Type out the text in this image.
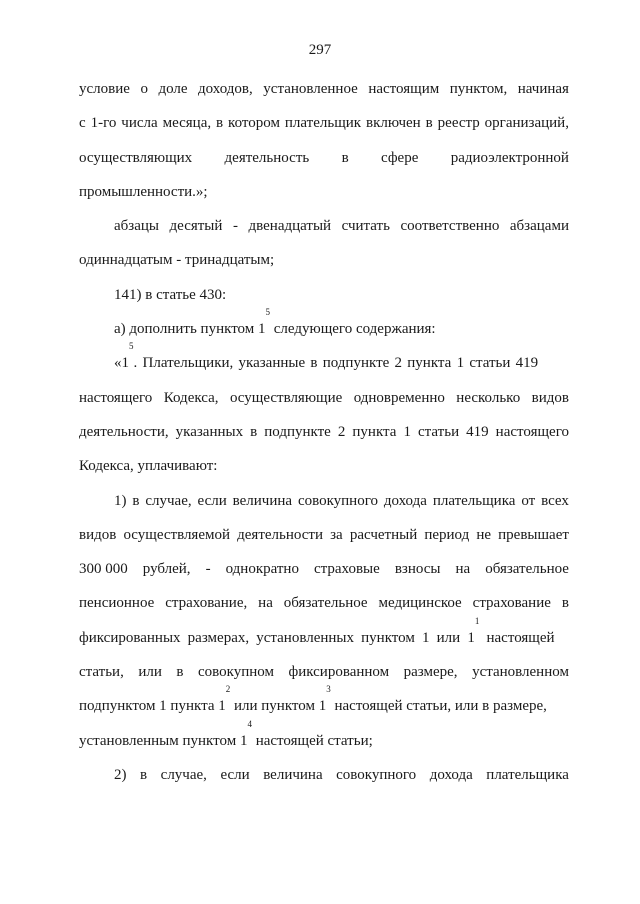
297
условие о доле доходов, установленное настоящим пунктом, начиная
с 1-го числа месяца, в котором плательщик включен в реестр организаций,
осуществляющих деятельность в сфере радиоэлектронной
промышленности.»;
абзацы десятый - двенадцатый считать соответственно абзацами
одиннадцатым - тринадцатым;
141) в статье 430:
а) дополнить пунктом $1^5$ следующего содержания:
«$1^5$. Плательщики, указанные в подпункте 2 пункта 1 статьи 419
настоящего Кодекса, осуществляющие одновременно несколько видов
деятельности, указанных в подпункте 2 пункта 1 статьи 419 настоящего
Кодекса, уплачивают:
1) в случае, если величина совокупного дохода плательщика от всех
видов осуществляемой деятельности за расчетный период не превышает
300 000 рублей, - однократно страховые взносы на обязательное
пенсионное страхование, на обязательное медицинское страхование в
фиксированных размерах, установленных пунктом 1 или $1^1$ настоящей
статьи, или в совокупном фиксированном размере, установленном
подпунктом 1 пункта $1^2$ или пунктом $1^3$ настоящей статьи, или в размере,
установленным пунктом $1^4$ настоящей статьи;
2) в случае, если величина совокупного дохода плательщика
